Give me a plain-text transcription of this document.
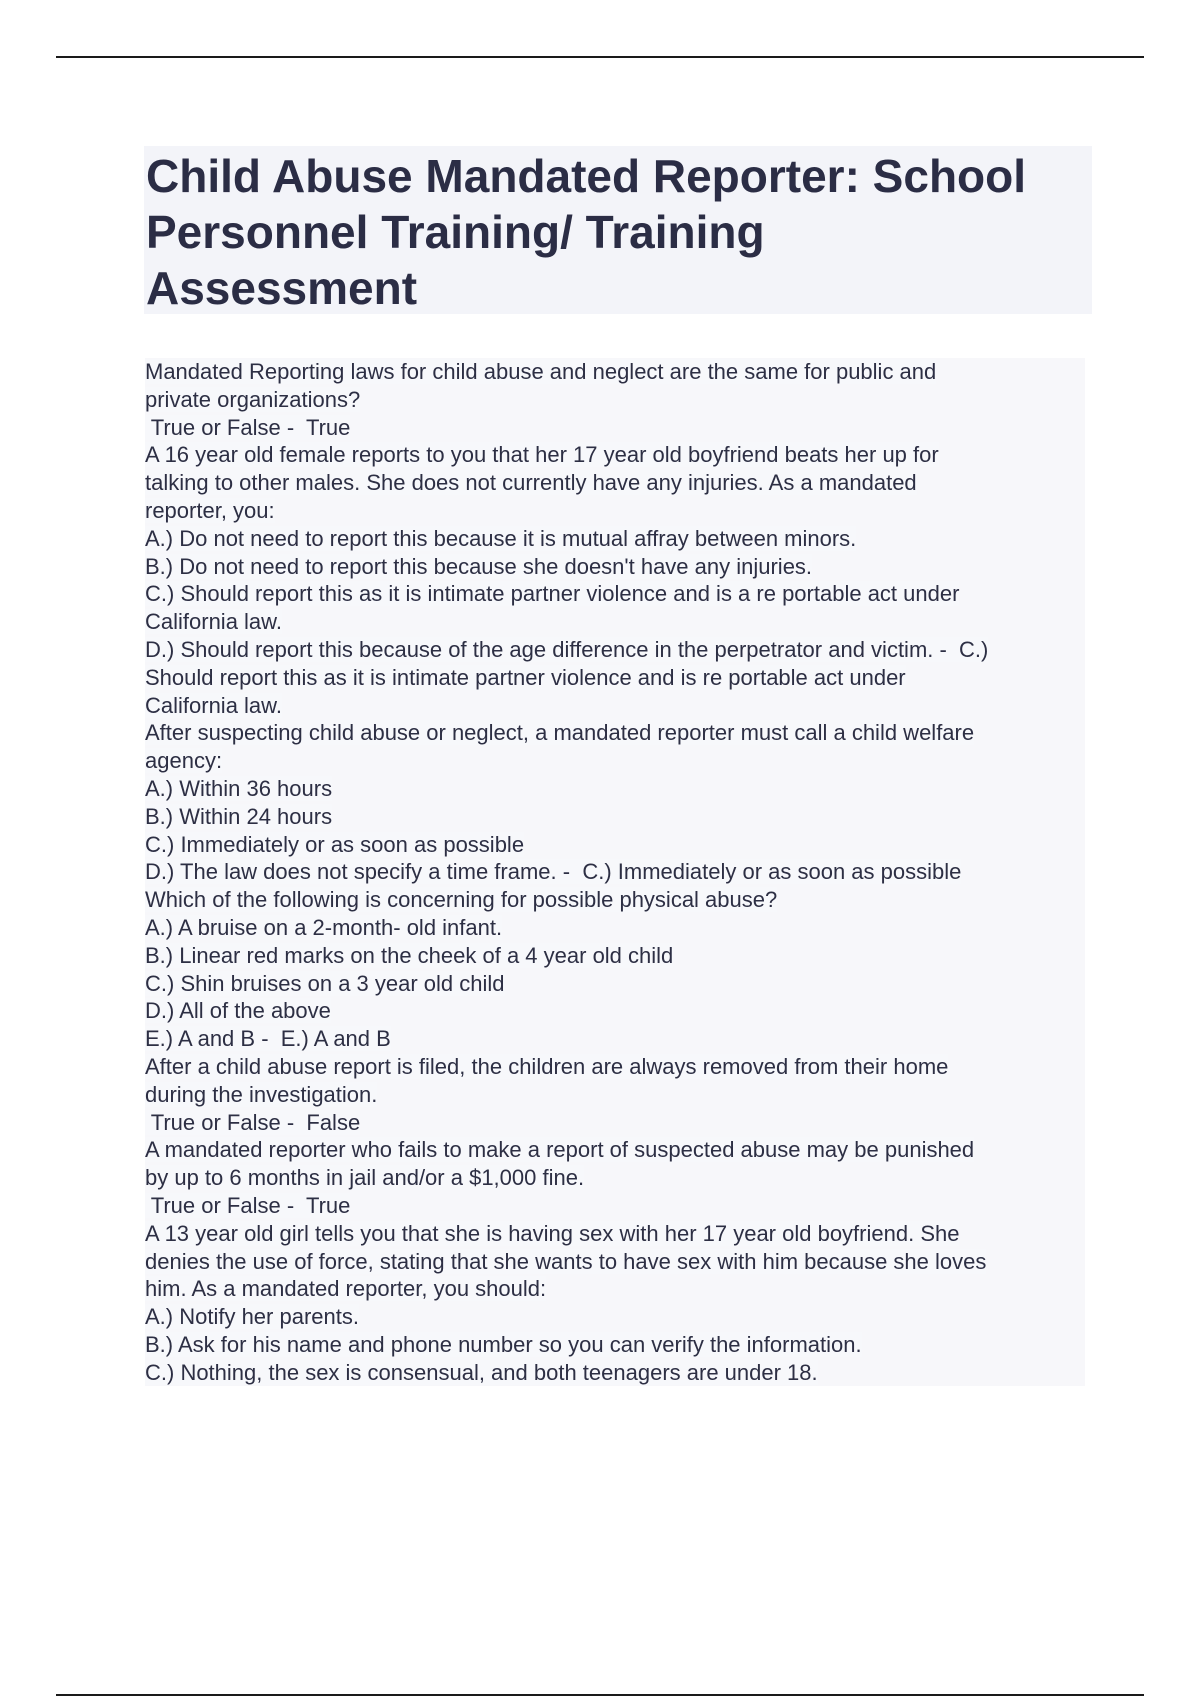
Child Abuse Mandated Reporter: School
Personnel Training/ Training
Assessment
Mandated Reporting laws for child abuse and neglect are the same for public and
private organizations?
True or False -  True
A 16 year old female reports to you that her 17 year old boyfriend beats her up for
talking to other males. She does not currently have any injuries. As a mandated
reporter, you:
A.) Do not need to report this because it is mutual affray between minors.
B.) Do not need to report this because she doesn't have any injuries.
C.) Should report this as it is intimate partner violence and is a re portable act under
California law.
D.) Should report this because of the age difference in the perpetrator and victim. -  C.)
Should report this as it is intimate partner violence and is re portable act under
California law.
After suspecting child abuse or neglect, a mandated reporter must call a child welfare
agency:
A.) Within 36 hours
B.) Within 24 hours
C.) Immediately or as soon as possible
D.) The law does not specify a time frame. -  C.) Immediately or as soon as possible
Which of the following is concerning for possible physical abuse?
A.) A bruise on a 2-month- old infant.
B.) Linear red marks on the cheek of a 4 year old child
C.) Shin bruises on a 3 year old child
D.) All of the above
E.) A and B -  E.) A and B
After a child abuse report is filed, the children are always removed from their home
during the investigation.
True or False -  False
A mandated reporter who fails to make a report of suspected abuse may be punished
by up to 6 months in jail and/or a $1,000 fine.
True or False -  True
A 13 year old girl tells you that she is having sex with her 17 year old boyfriend. She
denies the use of force, stating that she wants to have sex with him because she loves
him. As a mandated reporter, you should:
A.) Notify her parents.
B.) Ask for his name and phone number so you can verify the information.
C.) Nothing, the sex is consensual, and both teenagers are under 18.
